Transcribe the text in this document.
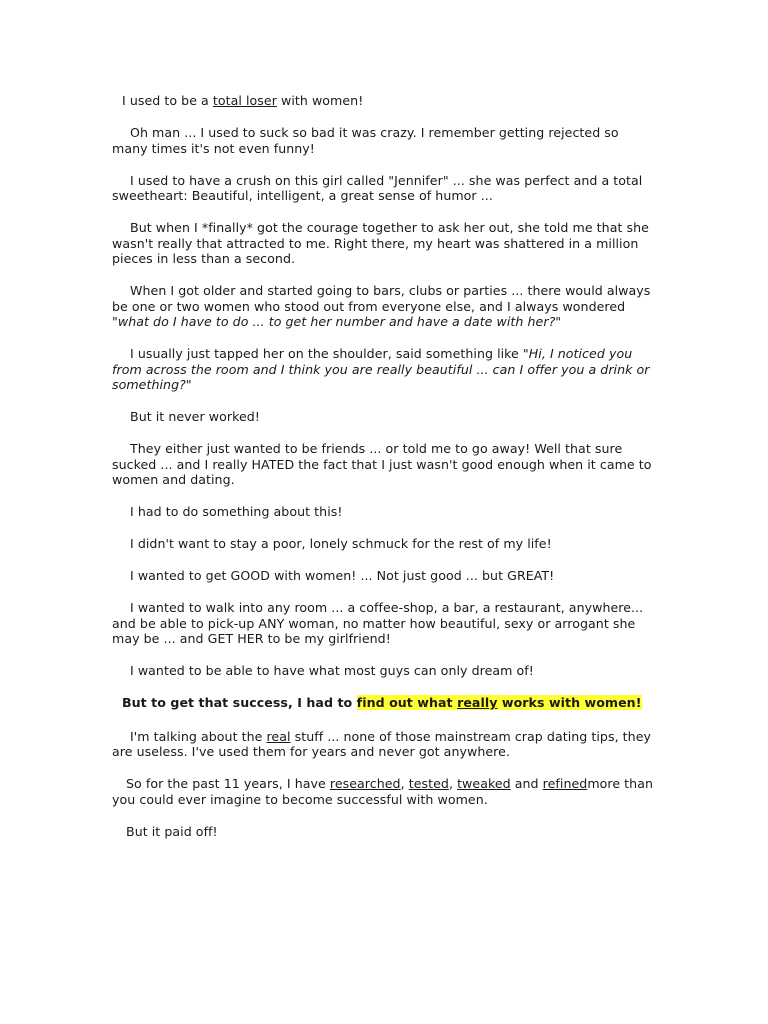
I used to be a total loser with women!

Oh man ... I used to suck so bad it was crazy. I remember getting rejected so many times it's not even funny!

I used to have a crush on this girl called "Jennifer" ... she was perfect and a total sweetheart: Beautiful, intelligent, a great sense of humor ...

But when I *finally* got the courage together to ask her out, she told me that she wasn't really that attracted to me. Right there, my heart was shattered in a million pieces in less than a second.

When I got older and started going to bars, clubs or parties ... there would always be one or two women who stood out from everyone else, and I always wondered "what do I have to do ... to get her number and have a date with her?"

I usually just tapped her on the shoulder, said something like "Hi, I noticed you from across the room and I think you are really beautiful ... can I offer you a drink or something?"

But it never worked!

They either just wanted to be friends ... or told me to go away! Well that sure sucked ... and I really HATED the fact that I just wasn't good enough when it came to women and dating.

I had to do something about this!

I didn't want to stay a poor, lonely schmuck for the rest of my life!

I wanted to get GOOD with women! ... Not just good ... but GREAT!

I wanted to walk into any room ... a coffee-shop, a bar, a restaurant, anywhere... and be able to pick-up ANY woman, no matter how beautiful, sexy or arrogant she may be ... and GET HER to be my girlfriend!

I wanted to be able to have what most guys can only dream of!

But to get that success, I had to find out what really works with women!

I'm talking about the real stuff ... none of those mainstream crap dating tips, they are useless. I've used them for years and never got anywhere.

So for the past 11 years, I have researched, tested, tweaked and refinedmore than you could ever imagine to become successful with women.

But it paid off!
